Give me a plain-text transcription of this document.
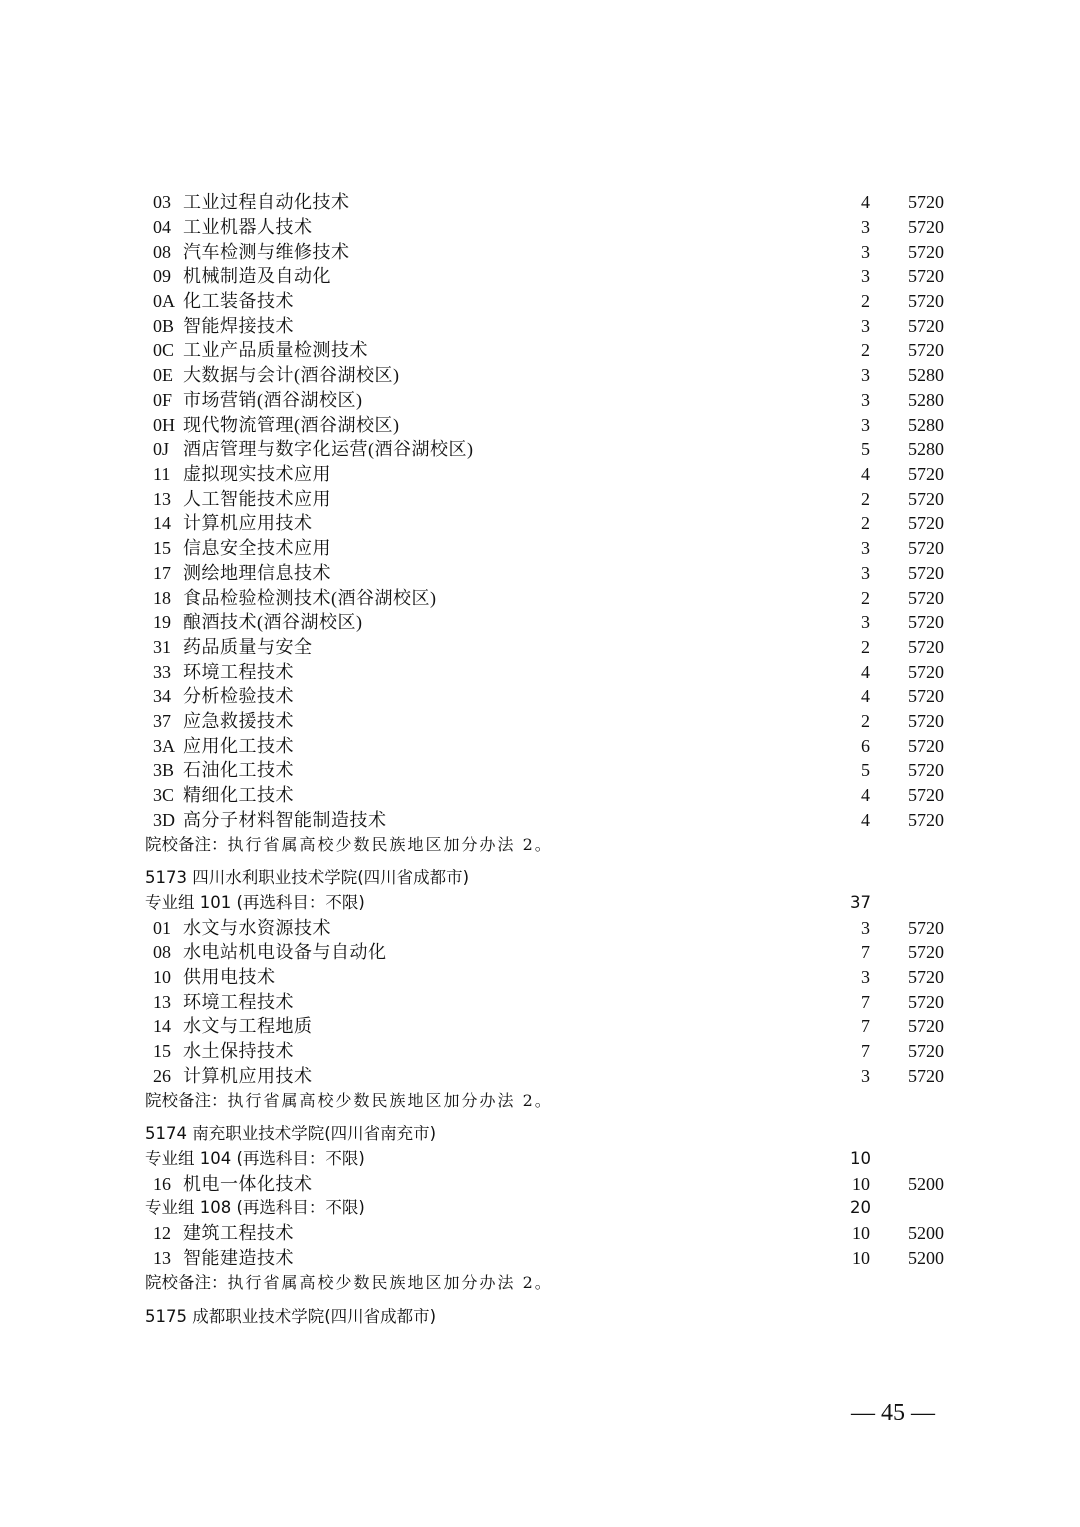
03 工业过程自动化技术	4	5720
04 工业机器人技术	3	5720
08 汽车检测与维修技术	3	5720
09 机械制造及自动化	3	5720
0A 化工装备技术	2	5720
0B 智能焊接技术	3	5720
0C 工业产品质量检测技术	2	5720
0E 大数据与会计(酒谷湖校区)	3	5280
0F 市场营销(酒谷湖校区)	3	5280
0H 现代物流管理(酒谷湖校区)	3	5280
0J 酒店管理与数字化运营(酒谷湖校区)	5	5280
11 虚拟现实技术应用	4	5720
13 人工智能技术应用	2	5720
14 计算机应用技术	2	5720
15 信息安全技术应用	3	5720
17 测绘地理信息技术	3	5720
18 食品检验检测技术(酒谷湖校区)	2	5720
19 酿酒技术(酒谷湖校区)	3	5720
31 药品质量与安全	2	5720
33 环境工程技术	4	5720
34 分析检验技术	4	5720
37 应急救援技术	2	5720
3A 应用化工技术	6	5720
3B 石油化工技术	5	5720
3C 精细化工技术	4	5720
3D 高分子材料智能制造技术	4	5720
院校备注：执行省属高校少数民族地区加分办法 2。
5173 四川水利职业技术学院(四川省成都市)
专业组 101 (再选科目：不限)	37
01 水文与水资源技术	3	5720
08 水电站机电设备与自动化	7	5720
10 供用电技术	3	5720
13 环境工程技术	7	5720
14 水文与工程地质	7	5720
15 水土保持技术	7	5720
26 计算机应用技术	3	5720
院校备注：执行省属高校少数民族地区加分办法 2。
5174 南充职业技术学院(四川省南充市)
专业组 104 (再选科目：不限)	10
16 机电一体化技术	10	5200
专业组 108 (再选科目：不限)	20
12 建筑工程技术	10	5200
13 智能建造技术	10	5200
院校备注：执行省属高校少数民族地区加分办法 2。
5175 成都职业技术学院(四川省成都市)
— 45 —
